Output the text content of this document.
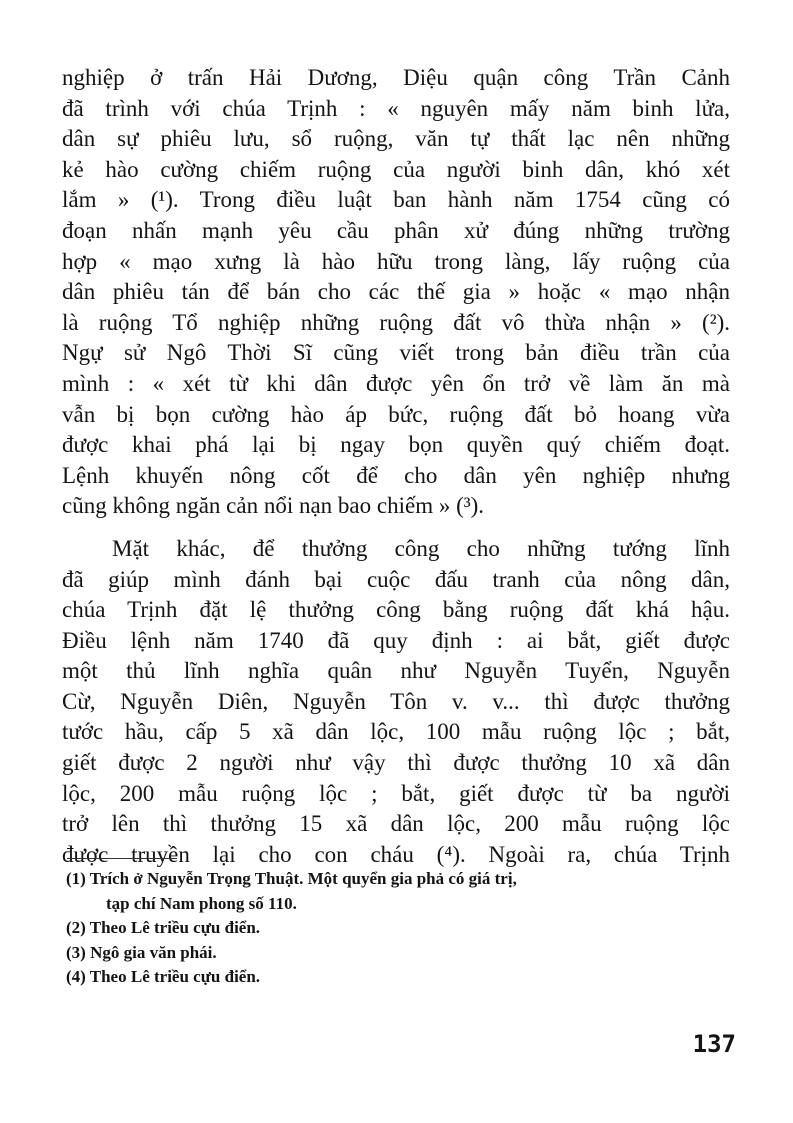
nghiệp ở trấn Hải Dương, Diệu quận công Trần Cảnh
đã trình với chúa Trịnh : « nguyên mấy năm binh lửa,
dân sự phiêu lưu, sổ ruộng, văn tự thất lạc nên những
kẻ hào cường chiếm ruộng của người binh dân, khó xét
lắm » (¹). Trong điều luật ban hành năm 1754 cũng có
đoạn nhấn mạnh yêu cầu phân xử đúng những trường
hợp « mạo xưng là hào hữu trong làng, lấy ruộng của
dân phiêu tán để bán cho các thế gia » hoặc « mạo nhận
là ruộng Tổ nghiệp những ruộng đất vô thừa nhận » (²).
Ngự sử Ngô Thời Sĩ cũng viết trong bản điều trần của
mình : « xét từ khi dân được yên ổn trở về làm ăn mà
vẫn bị bọn cường hào áp bức, ruộng đất bỏ hoang vừa
được khai phá lại bị ngay bọn quyền quý chiếm đoạt.
Lệnh khuyến nông cốt để cho dân yên nghiệp nhưng
cũng không ngăn cản nổi nạn bao chiếm » (³).
Mặt khác, để thưởng công cho những tướng lĩnh
đã giúp mình đánh bại cuộc đấu tranh của nông dân,
chúa Trịnh đặt lệ thưởng công bằng ruộng đất khá hậu.
Điều lệnh năm 1740 đã quy định : ai bắt, giết được
một thủ lĩnh nghĩa quân như Nguyễn Tuyển, Nguyễn
Cừ, Nguyễn Diên, Nguyễn Tôn v. v... thì được thưởng
tước hầu, cấp 5 xã dân lộc, 100 mẫu ruộng lộc ; bắt,
giết được 2 người như vậy thì được thưởng 10 xã dân
lộc, 200 mẫu ruộng lộc ; bắt, giết được từ ba người
trở lên thì thưởng 15 xã dân lộc, 200 mẫu ruộng lộc
được truyền lại cho con cháu (⁴). Ngoài ra, chúa Trịnh
(1) Trích ở Nguyễn Trọng Thuật. Một quyển gia phả có giá trị,
tạp chí Nam phong số 110.
(2) Theo Lê triều cựu điển.
(3) Ngô gia văn phái.
(4) Theo Lê triều cựu điển.
137
